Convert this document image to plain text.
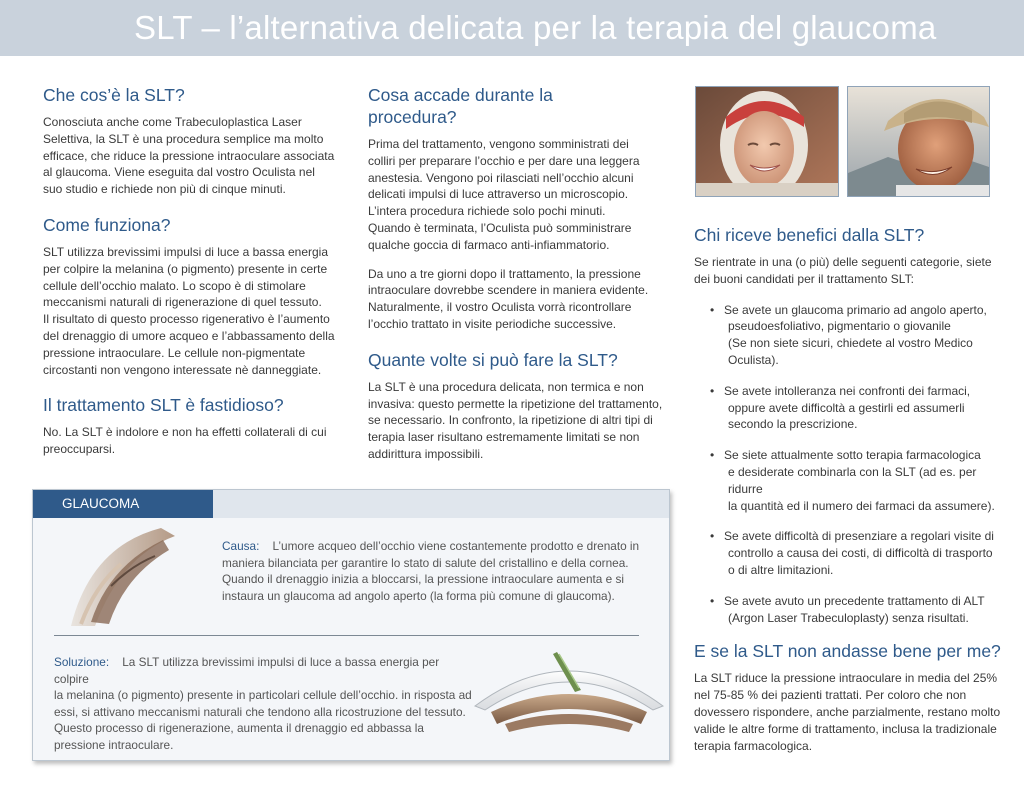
SLT – l’alternativa delicata per la terapia del glaucoma
Che cos’è la SLT?

Conosciuta anche come Trabeculoplastica Laser
Selettiva, la SLT è una procedura semplice ma molto
efficace, che riduce la pressione intraoculare associata
al glaucoma. Viene eseguita dal vostro Oculista nel
suo studio e richiede non più di cinque minuti.

Come funziona?

SLT utilizza brevissimi impulsi di luce a bassa energia
per colpire la melanina (o pigmento) presente in certe
cellule dell’occhio malato. Lo scopo è di stimolare
meccanismi naturali di rigenerazione di quel tessuto.
Il risultato di questo processo rigenerativo è l’aumento
del drenaggio di umore acqueo e l’abbassamento della
pressione intraoculare. Le cellule non-pigmentate
circostanti non vengono interessate nè danneggiate.

Il trattamento SLT è fastidioso?

No. La SLT è indolore e non ha effetti collaterali di cui
preoccuparsi.

Cosa accade durante la
procedura?

Prima del trattamento, vengono somministrati dei
colliri per preparare l’occhio e per dare una leggera
anestesia. Vengono poi rilasciati nell’occhio alcuni
delicati impulsi di luce attraverso un microscopio.
L’intera procedura richiede solo pochi minuti.
Quando è terminata, l’Oculista può somministrare
qualche goccia di farmaco anti-infiammatorio.

Da uno a tre giorni dopo il trattamento, la pressione
intraoculare dovrebbe scendere in maniera evidente.
Naturalmente, il vostro Oculista vorrà ricontrollare
l’occhio trattato in visite periodiche successive.

Quante volte si può fare la SLT?

La SLT è una procedura delicata, non termica e non
invasiva: questo permette la ripetizione del trattamento,
se necessario. In confronto, la ripetizione di altri tipi di
terapia laser risultano estremamente limitati se non
addirittura impossibili.

Chi riceve benefici dalla SLT?

Se rientrate in una (o più) delle seguenti categorie, siete
dei buoni candidati per il trattamento SLT:

• Se avete un glaucoma primario ad angolo aperto,
pseudoesfoliativo, pigmentario o giovanile
(Se non siete sicuri, chiedete al vostro Medico
Oculista).
• Se avete intolleranza nei confronti dei farmaci,
oppure avete difficoltà a gestirli ed assumerli
secondo la prescrizione.
• Se siete attualmente sotto terapia farmacologica
e desiderate combinarla con la SLT (ad es. per ridurre
la quantità ed il numero dei farmaci da assumere).
• Se avete difficoltà di presenziare a regolari visite di
controllo a causa dei costi, di difficoltà di trasporto
o di altre limitazioni.
• Se avete avuto un precedente trattamento di ALT
(Argon Laser Trabeculoplasty) senza risultati.
E se la SLT non andasse bene per me?

La SLT riduce la pressione intraoculare in media del 25%
nel 75-85 % dei pazienti trattati. Per coloro che non
dovessero rispondere, anche parzialmente, restano molto
valide le altre forme di trattamento, inclusa la tradizionale
terapia farmacologica.

GLAUCOMA
Causa: L’umore acqueo dell’occhio viene costantemente prodotto e drenato in
maniera bilanciata per garantire lo stato di salute del cristallino e della cornea.
Quando il drenaggio inizia a bloccarsi, la pressione intraoculare aumenta e si
instaura un glaucoma ad angolo aperto (la forma più comune di glaucoma).
Soluzione: La SLT utilizza brevissimi impulsi di luce a bassa energia per colpire
la melanina (o pigmento) presente in particolari cellule dell’occhio. in risposta ad
essi, si attivano meccanismi naturali che tendono alla ricostruzione del tessuto.
Questo processo di rigenerazione, aumenta il drenaggio ed abbassa la
pressione intraoculare.
